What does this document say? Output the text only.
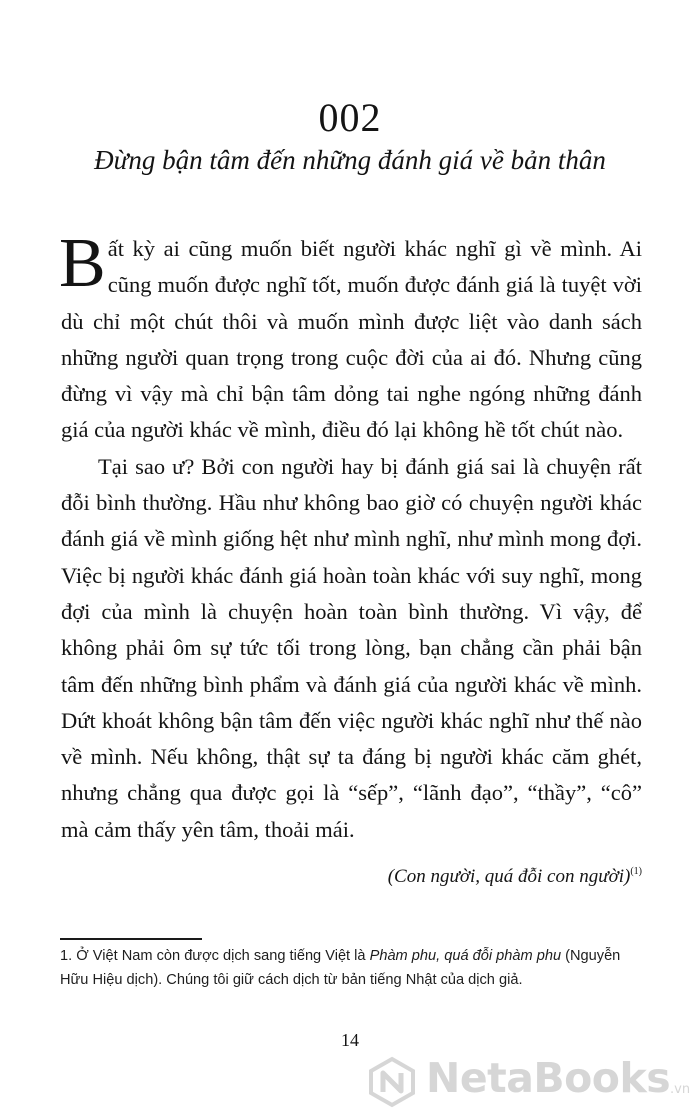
002
Đừng bận tâm đến những đánh giá về bản thân

Bất kỳ ai cũng muốn biết người khác nghĩ gì về mình. Ai cũng muốn được nghĩ tốt, muốn được đánh giá là tuyệt vời dù chỉ một chút thôi và muốn mình được liệt vào danh sách những người quan trọng trong cuộc đời của ai đó. Nhưng cũng đừng vì vậy mà chỉ bận tâm dỏng tai nghe ngóng những đánh giá của người khác về mình, điều đó lại không hề tốt chút nào.

Tại sao ư? Bởi con người hay bị đánh giá sai là chuyện rất đỗi bình thường. Hầu như không bao giờ có chuyện người khác đánh giá về mình giống hệt như mình nghĩ, như mình mong đợi. Việc bị người khác đánh giá hoàn toàn khác với suy nghĩ, mong đợi của mình là chuyện hoàn toàn bình thường. Vì vậy, để không phải ôm sự tức tối trong lòng, bạn chẳng cần phải bận tâm đến những bình phẩm và đánh giá của người khác về mình. Dứt khoát không bận tâm đến việc người khác nghĩ như thế nào về mình. Nếu không, thật sự ta đáng bị người khác căm ghét, nhưng chẳng qua được gọi là “sếp”, “lãnh đạo”, “thầy”, “cô” mà cảm thấy yên tâm, thoải mái.

(Con người, quá đỗi con người)$^{(1)}$
1. Ở Việt Nam còn được dịch sang tiếng Việt là Phàm phu, quá đỗi phàm phu (Nguyễn Hữu Hiệu dịch). Chúng tôi giữ cách dịch từ bản tiếng Nhật của dịch giả.
14
NetaBooks .vn
